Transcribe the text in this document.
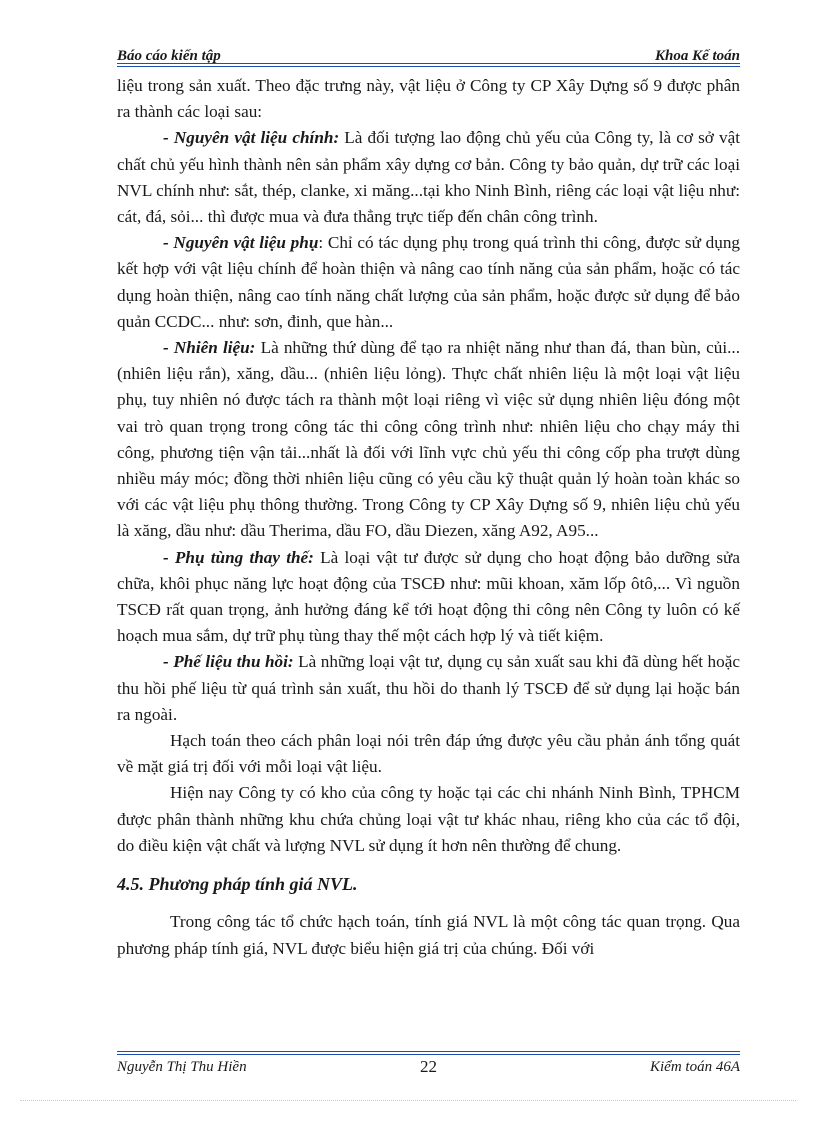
Báo cáo kiến tập	Khoa Kế toán

liệu trong sản xuất. Theo đặc trưng này, vật liệu ở Công ty CP Xây Dựng số 9 được phân ra thành các loại sau:

- Nguyên vật liệu chính: Là đối tượng lao động chủ yếu của Công ty, là cơ sở vật chất chủ yếu hình thành nên sản phẩm xây dựng cơ bản. Công ty bảo quản, dự trữ các loại NVL chính như: sắt, thép, clanke, xi măng...tại kho Ninh Bình, riêng các loại vật liệu như: cát, đá, sỏi... thì được mua và đưa thẳng trực tiếp đến chân công trình.

- Nguyên vật liệu phụ: Chỉ có tác dụng phụ trong quá trình thi công, được sử dụng kết hợp với vật liệu chính để hoàn thiện và nâng cao tính năng của sản phẩm, hoặc có tác dụng hoàn thiện, nâng cao tính năng chất lượng của sản phẩm, hoặc được sử dụng để bảo quản CCDC... như: sơn, đinh, que hàn...

- Nhiên liệu: Là những thứ dùng để tạo ra nhiệt năng như than đá, than bùn, củi... (nhiên liệu rắn), xăng, dầu... (nhiên liệu lỏng). Thực chất nhiên liệu là một loại vật liệu phụ, tuy nhiên nó được tách ra thành một loại riêng vì việc sử dụng nhiên liệu đóng một vai trò quan trọng trong công tác thi công công trình như: nhiên liệu cho chạy máy thi công, phương tiện vận tải...nhất là đối với lĩnh vực chủ yếu thi công cốp pha trượt dùng nhiều máy móc; đồng thời nhiên liệu cũng có yêu cầu kỹ thuật quản lý hoàn toàn khác so với các vật liệu phụ thông thường. Trong Công ty CP Xây Dựng số 9, nhiên liệu chủ yếu là xăng, dầu như: dầu Therima, dầu FO, dầu Diezen, xăng A92, A95...

- Phụ tùng thay thế: Là loại vật tư được sử dụng cho hoạt động bảo dưỡng sửa chữa, khôi phục năng lực hoạt động của TSCĐ như: mũi khoan, xăm lốp ôtô,... Vì nguồn TSCĐ rất quan trọng, ảnh hưởng đáng kể tới hoạt động thi công nên Công ty luôn có kế hoạch mua sắm, dự trữ phụ tùng thay thế một cách hợp lý và tiết kiệm.

- Phế liệu thu hồi: Là những loại vật tư, dụng cụ sản xuất sau khi đã dùng hết hoặc thu hồi phế liệu từ quá trình sản xuất, thu hồi do thanh lý TSCĐ để sử dụng lại hoặc bán ra ngoài.

Hạch toán theo cách phân loại nói trên đáp ứng được yêu cầu phản ánh tổng quát về mặt giá trị đối với mỗi loại vật liệu.

Hiện nay Công ty có kho của công ty hoặc tại các chi nhánh Ninh Bình, TPHCM được phân thành những khu chứa chủng loại vật tư khác nhau, riêng kho của các tổ đội, do điều kiện vật chất và lượng NVL sử dụng ít hơn nên thường để chung.

4.5. Phương pháp tính giá NVL.

Trong công tác tổ chức hạch toán, tính giá NVL là một công tác quan trọng. Qua phương pháp tính giá, NVL được biểu hiện giá trị của chúng. Đối với

Nguyễn Thị Thu Hiền	22	Kiểm toán 46A
